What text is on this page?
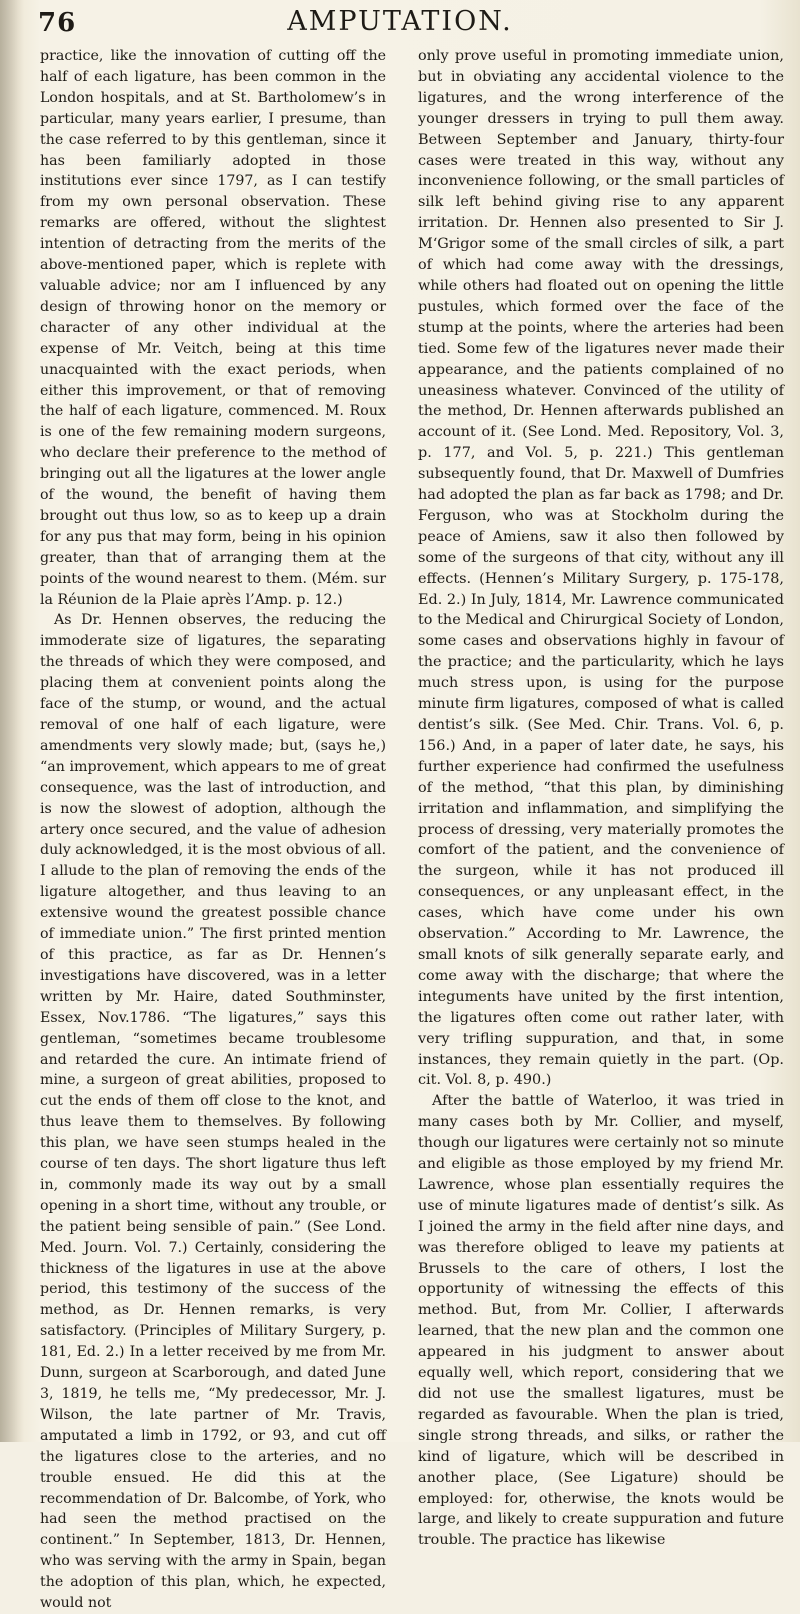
76	AMPUTATION.

practice, like the innovation of cutting off the half of each ligature, has been common in the London hospitals, and at St. Bartholomew’s in particular, many years earlier, I presume, than the case referred to by this gentleman, since it has been familiarly adopted in those institutions ever since 1797, as I can testify from my own personal observation. These remarks are offered, without the slightest intention of detracting from the merits of the above-mentioned paper, which is replete with valuable advice; nor am I influenced by any design of throwing honor on the memory or character of any other individual at the expense of Mr. Veitch, being at this time unacquainted with the exact periods, when either this improvement, or that of removing the half of each ligature, commenced. M. Roux is one of the few remaining modern surgeons, who declare their preference to the method of bringing out all the ligatures at the lower angle of the wound, the benefit of having them brought out thus low, so as to keep up a drain for any pus that may form, being in his opinion greater, than that of arranging them at the points of the wound nearest to them. (Mém. sur la Réunion de la Plaie après l’Amp. p. 12.)

As Dr. Hennen observes, the reducing the immoderate size of ligatures, the separating the threads of which they were composed, and placing them at convenient points along the face of the stump, or wound, and the actual removal of one half of each ligature, were amendments very slowly made; but, (says he,) “an improvement, which appears to me of great consequence, was the last of introduction, and is now the slowest of adoption, although the artery once secured, and the value of adhesion duly acknowledged, it is the most obvious of all. I allude to the plan of removing the ends of the ligature altogether, and thus leaving to an extensive wound the greatest possible chance of immediate union.” The first printed mention of this practice, as far as Dr. Hennen’s investigations have discovered, was in a letter written by Mr. Haire, dated Southminster, Essex, Nov.1786. “The ligatures,” says this gentleman, “sometimes became troublesome and retarded the cure. An intimate friend of mine, a surgeon of great abilities, proposed to cut the ends of them off close to the knot, and thus leave them to themselves. By following this plan, we have seen stumps healed in the course of ten days. The short ligature thus left in, commonly made its way out by a small opening in a short time, without any trouble, or the patient being sensible of pain.” (See Lond. Med. Journ. Vol. 7.) Certainly, considering the thickness of the ligatures in use at the above period, this testimony of the success of the method, as Dr. Hennen remarks, is very satisfactory. (Principles of Military Surgery, p. 181, Ed. 2.) In a letter received by me from Mr. Dunn, surgeon at Scarborough, and dated June 3, 1819, he tells me, “My predecessor, Mr. J. Wilson, the late partner of Mr. Travis, amputated a limb in 1792, or 93, and cut off the ligatures close to the arteries, and no trouble ensued. He did this at the recommendation of Dr. Balcombe, of York, who had seen the method practised on the continent.” In September, 1813, Dr. Hennen, who was serving with the army in Spain, began the adoption of this plan, which, he expected, would not

only prove useful in promoting immediate union, but in obviating any accidental violence to the ligatures, and the wrong interference of the younger dressers in trying to pull them away. Between September and January, thirty-four cases were treated in this way, without any inconvenience following, or the small particles of silk left behind giving rise to any apparent irritation. Dr. Hennen also presented to Sir J. M‘Grigor some of the small circles of silk, a part of which had come away with the dressings, while others had floated out on opening the little pustules, which formed over the face of the stump at the points, where the arteries had been tied. Some few of the ligatures never made their appearance, and the patients complained of no uneasiness whatever. Convinced of the utility of the method, Dr. Hennen afterwards published an account of it. (See Lond. Med. Repository, Vol. 3, p. 177, and Vol. 5, p. 221.) This gentleman subsequently found, that Dr. Maxwell of Dumfries had adopted the plan as far back as 1798; and Dr. Ferguson, who was at Stockholm during the peace of Amiens, saw it also then followed by some of the surgeons of that city, without any ill effects. (Hennen’s Military Surgery, p. 175-178, Ed. 2.) In July, 1814, Mr. Lawrence communicated to the Medical and Chirurgical Society of London, some cases and observations highly in favour of the practice; and the particularity, which he lays much stress upon, is using for the purpose minute firm ligatures, composed of what is called dentist’s silk. (See Med. Chir. Trans. Vol. 6, p. 156.) And, in a paper of later date, he says, his further experience had confirmed the usefulness of the method, “that this plan, by diminishing irritation and inflammation, and simplifying the process of dressing, very materially promotes the comfort of the patient, and the convenience of the surgeon, while it has not produced ill consequences, or any unpleasant effect, in the cases, which have come under his own observation.” According to Mr. Lawrence, the small knots of silk generally separate early, and come away with the discharge; that where the integuments have united by the first intention, the ligatures often come out rather later, with very trifling suppuration, and that, in some instances, they remain quietly in the part. (Op. cit. Vol. 8, p. 490.)

After the battle of Waterloo, it was tried in many cases both by Mr. Collier, and myself, though our ligatures were certainly not so minute and eligible as those employed by my friend Mr. Lawrence, whose plan essentially requires the use of minute ligatures made of dentist’s silk. As I joined the army in the field after nine days, and was therefore obliged to leave my patients at Brussels to the care of others, I lost the opportunity of witnessing the effects of this method. But, from Mr. Collier, I afterwards learned, that the new plan and the common one appeared in his judgment to answer about equally well, which report, considering that we did not use the smallest ligatures, must be regarded as favourable. When the plan is tried, single strong threads, and silks, or rather the kind of ligature, which will be described in another place, (See Ligature) should be employed: for, otherwise, the knots would be large, and likely to create suppuration and future trouble. The practice has likewise
